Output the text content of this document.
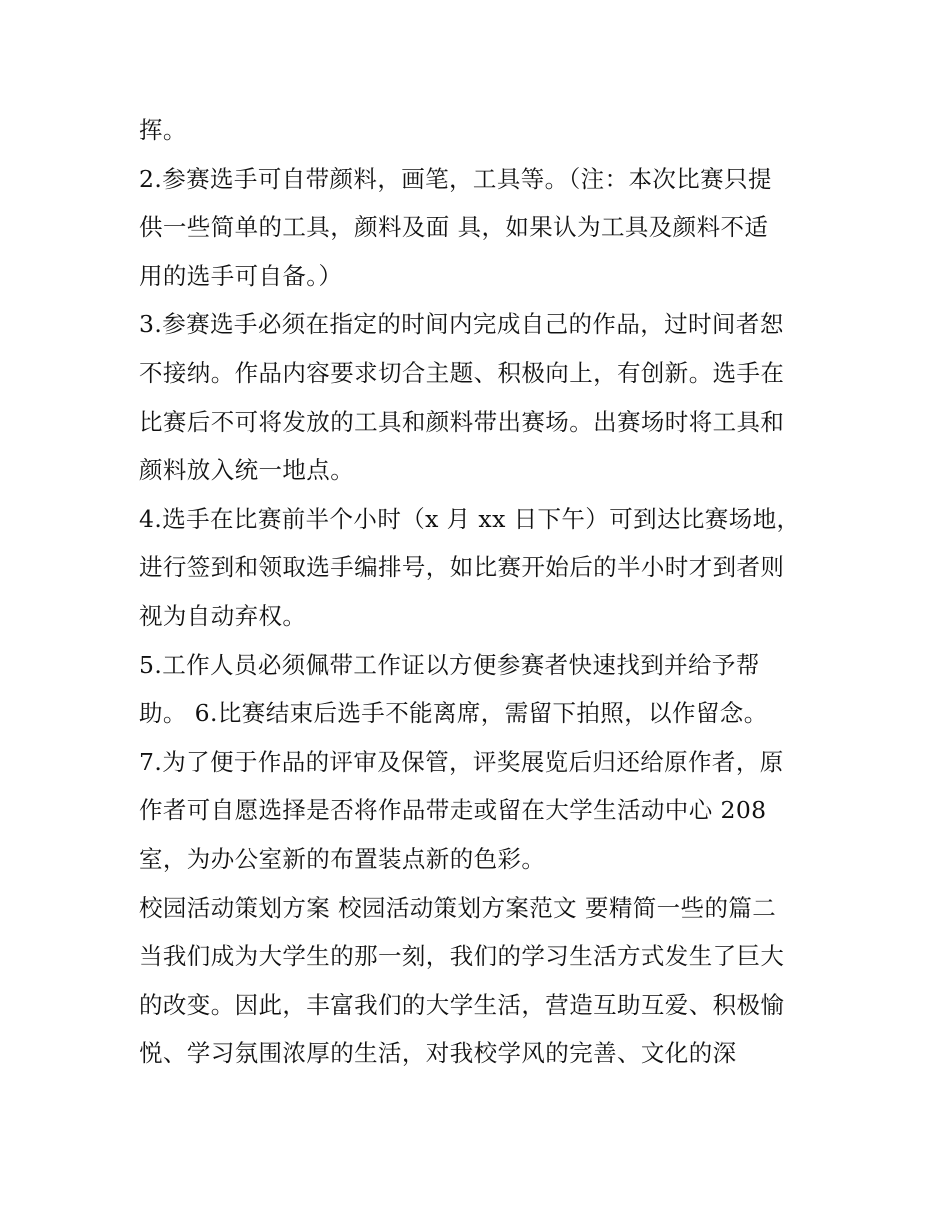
挥。
2.参赛选手可自带颜料，画笔，工具等。（注：本次比赛只提
供一些简单的工具，颜料及面 具，如果认为工具及颜料不适
用的选手可自备。）
3.参赛选手必须在指定的时间内完成自己的作品，过时间者恕
不接纳。作品内容要求切合主题、积极向上，有创新。选手在
比赛后不可将发放的工具和颜料带出赛场。出赛场时将工具和
颜料放入统一地点。
4.选手在比赛前半个小时（x 月 xx 日下午）可到达比赛场地，
进行签到和领取选手编排号，如比赛开始后的半小时才到者则
视为自动弃权。
5.工作人员必须佩带工作证以方便参赛者快速找到并给予帮
助。 6.比赛结束后选手不能离席，需留下拍照，以作留念。
7.为了便于作品的评审及保管，评奖展览后归还给原作者，原
作者可自愿选择是否将作品带走或留在大学生活动中心 208
室，为办公室新的布置装点新的色彩。
校园活动策划方案 校园活动策划方案范文 要精简一些的篇二
当我们成为大学生的那一刻，我们的学习生活方式发生了巨大
的改变。因此，丰富我们的大学生活，营造互助互爱、积极愉
悦、学习氛围浓厚的生活，对我校学风的完善、文化的深
